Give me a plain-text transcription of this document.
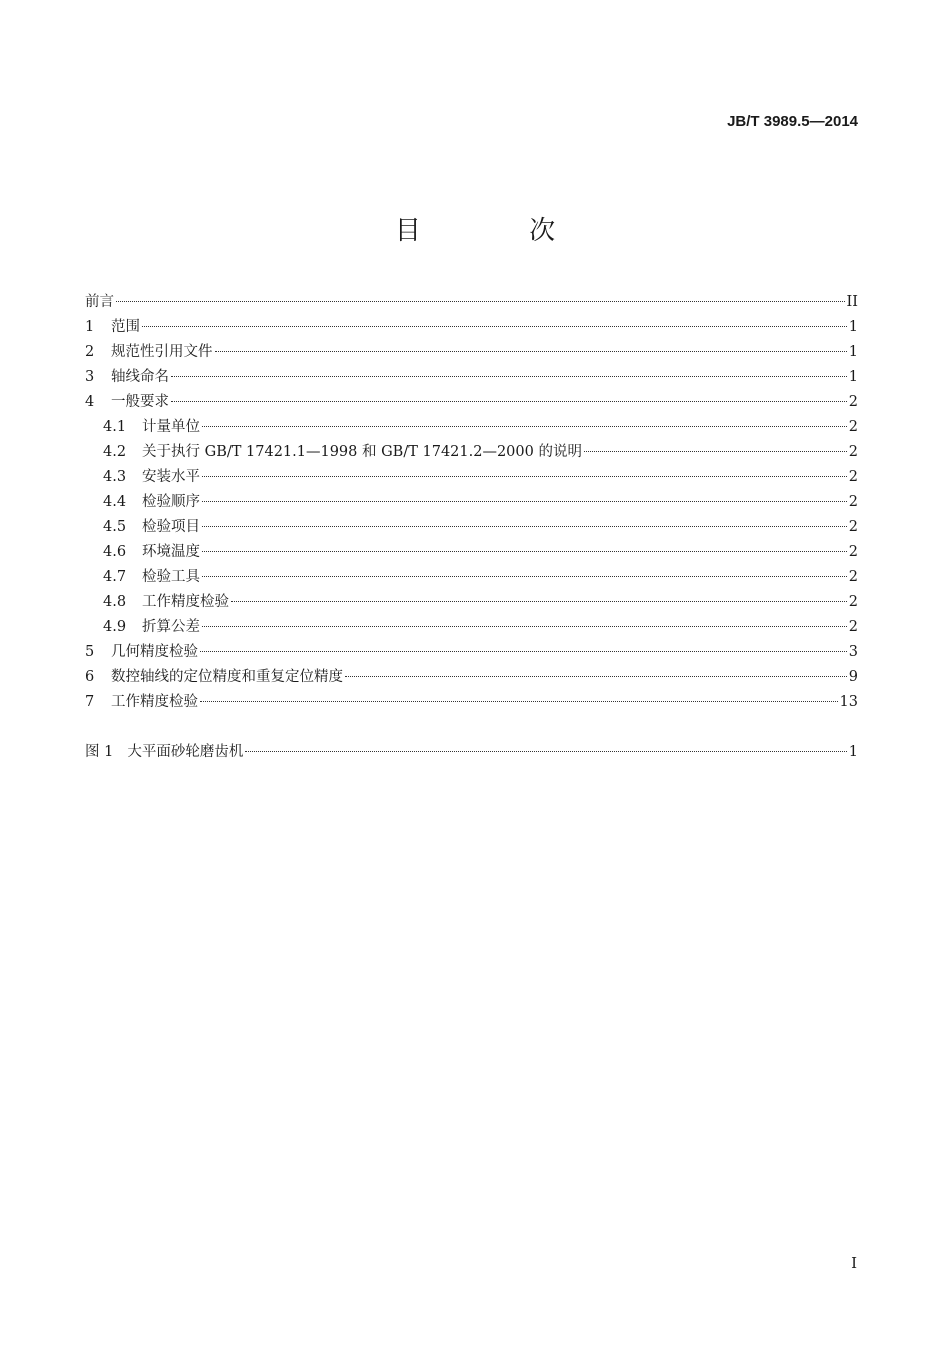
JB/T 3989.5—2014
目 次
前言	II
1 范围	1
2 规范性引用文件	1
3 轴线命名	1
4 一般要求	2
4.1 计量单位	2
4.2 关于执行 GB/T 17421.1—1998 和 GB/T 17421.2—2000 的说明	2
4.3 安装水平	2
4.4 检验顺序	2
4.5 检验项目	2
4.6 环境温度	2
4.7 检验工具	2
4.8 工作精度检验	2
4.9 折算公差	2
5 几何精度检验	3
6 数控轴线的定位精度和重复定位精度	9
7 工作精度检验	13
图 1 大平面砂轮磨齿机	1
I
